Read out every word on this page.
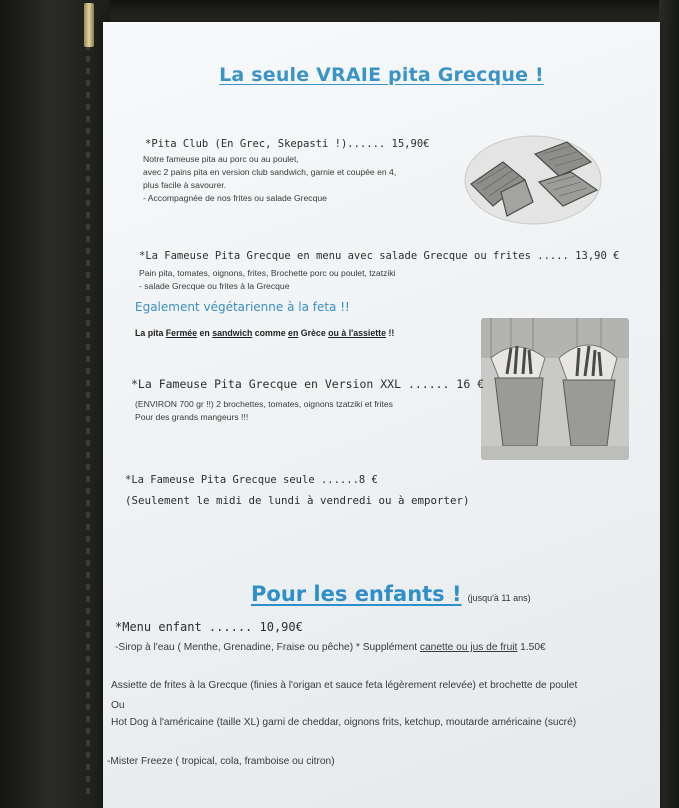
La seule VRAIE pita Grecque !
*Pita Club (En Grec, Skepasti !)...... 15,90€
Notre fameuse pita au porc ou au poulet,
avec 2 pains pita en version club sandwich, garnie et coupée en 4,
plus facile à savourer.
- Accompagnée de nos frites ou salade Grecque
*La Fameuse Pita Grecque en menu avec salade Grecque ou frites ..... 13,90 €
Pain pita, tomates, oignons, frites, Brochette porc ou poulet, tzatziki
- salade Grecque ou frites à la Grecque
Egalement végétarienne à la feta !!
La pita Fermée en sandwich comme en Grèce ou à l'assiette !!
*La Fameuse Pita Grecque en Version XXL ...... 16 €
(ENVIRON 700 gr !!) 2 brochettes, tomates, oignons tzatziki et frites
Pour des grands mangeurs !!!
*La Fameuse Pita Grecque seule ......8 €
(Seulement le midi de lundi à vendredi ou à emporter)
Pour les enfants ! (jusqu'à 11 ans)
*Menu enfant ...... 10,90€
-Sirop à l'eau ( Menthe, Grenadine, Fraise ou pêche) * Supplément canette ou jus de fruit 1.50€
Assiette de frites à la Grecque (finies à l'origan et sauce feta légèrement relevée) et brochette de poulet
Ou
Hot Dog à l'américaine (taille XL) garni de cheddar, oignons frits, ketchup, moutarde américaine (sucré)
-Mister Freeze ( tropical, cola, framboise ou citron)
